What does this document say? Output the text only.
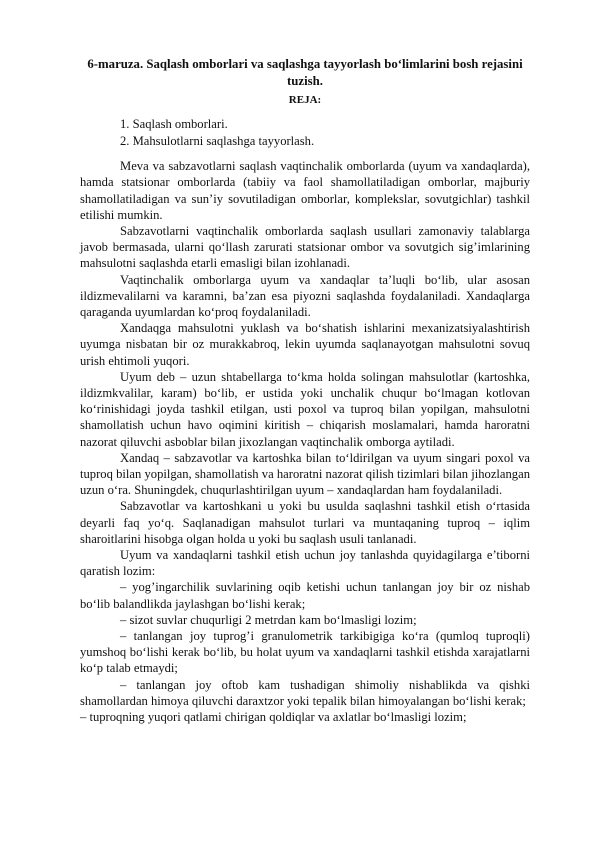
6-maruza. Saqlash omborlari va saqlashga tayyorlash bo‘limlarini bosh rejasini tuzish.
REJA:
1. Saqlash omborlari.
2. Mahsulotlarni saqlashga tayyorlash.

Meva va sabzavotlarni saqlash vaqtinchalik omborlarda (uyum va xandaqlarda), hamda statsionar omborlarda (tabiiy va faol shamollatiladigan omborlar, majburiy shamollatiladigan va sun’iy sovutiladigan omborlar, komplekslar, sovutgichlar) tashkil etilishi mumkin.

Sabzavotlarni vaqtinchalik omborlarda saqlash usullari zamonaviy talablarga javob bermasada, ularni qo‘llash zarurati statsionar ombor va sovutgich sig’imlarining mahsulotni saqlashda etarli emasligi bilan izohlanadi.

Vaqtinchalik omborlarga uyum va xandaqlar ta’luqli bo‘lib, ular asosan ildizmevalilarni va karamni, ba’zan esa piyozni saqlashda foydalaniladi. Xandaqlarga qaraganda uyumlardan ko‘proq foydalaniladi.

Xandaqga mahsulotni yuklash va bo‘shatish ishlarini mexanizatsiyalashtirish uyumga nisbatan bir oz murakkabroq, lekin uyumda saqlanayotgan mahsulotni sovuq urish ehtimoli yuqori.

Uyum deb – uzun shtabellarga to‘kma holda solingan mahsulotlar (kartoshka, ildizmkvalilar, karam) bo‘lib, er ustida yoki unchalik chuqur bo‘lmagan kotlovan ko‘rinishidagi joyda tashkil etilgan, usti poxol va tuproq bilan yopilgan, mahsulotni shamollatish uchun havo oqimini kiritish – chiqarish moslamalari, hamda haroratni nazorat qiluvchi asboblar bilan jixozlangan vaqtinchalik omborga aytiladi.

Xandaq – sabzavotlar va kartoshka bilan to‘ldirilgan va uyum singari poxol va tuproq bilan yopilgan, shamollatish va haroratni nazorat qilish tizimlari bilan jihozlangan uzun o‘ra. Shuningdek, chuqurlashtirilgan uyum – xandaqlardan ham foydalaniladi.

Sabzavotlar va kartoshkani u yoki bu usulda saqlashni tashkil etish o‘rtasida deyarli faq yo‘q. Saqlanadigan mahsulot turlari va muntaqaning tuproq – iqlim sharoitlarini hisobga olgan holda u yoki bu saqlash usuli tanlanadi.

Uyum va xandaqlarni tashkil etish uchun joy tanlashda quyidagilarga e’tiborni qaratish lozim:

– yog’ingarchilik suvlarining oqib ketishi uchun tanlangan joy bir oz nishab bo‘lib balandlikda jaylashgan bo‘lishi kerak;

– sizot suvlar chuqurligi 2 metrdan kam bo‘lmasligi lozim;

– tanlangan joy tuprog’i granulometrik tarkibigiga ko‘ra (qumloq tuproqli) yumshoq bo‘lishi kerak bo‘lib, bu holat uyum va xandaqlarni tashkil etishda xarajatlarni ko‘p talab etmaydi;

– tanlangan joy oftob kam tushadigan shimoliy nishablikda va qishki shamollardan himoya qiluvchi daraxtzor yoki tepalik bilan himoyalangan bo‘lishi kerak;

– tuproqning yuqori qatlami chirigan qoldiqlar va axlatlar bo‘lmasligi lozim;
